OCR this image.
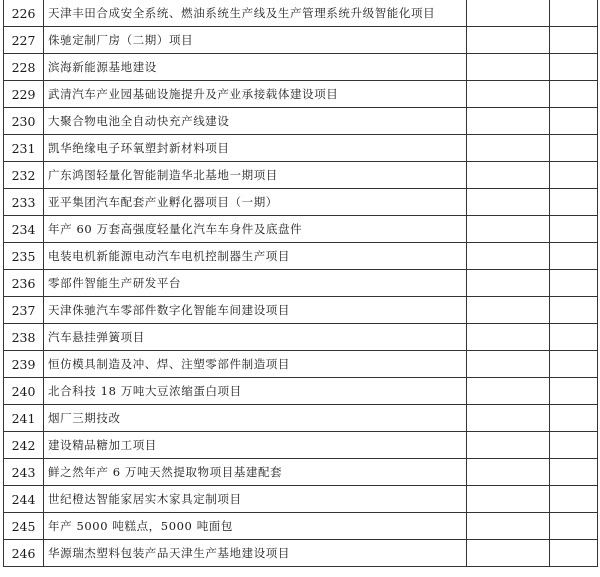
226	天津丰田合成安全系统、燃油系统生产线及生产管理系统升级智能化项目		
227	侏驰定制厂房（二期）项目		
228	滨海新能源基地建设		
229	武清汽车产业园基础设施提升及产业承接载体建设项目		
230	大聚合物电池全自动快充产线建设		
231	凯华绝缘电子环氧塑封新材料项目		
232	广东鸿图轻量化智能制造华北基地一期项目		
233	亚平集团汽车配套产业孵化器项目（一期）		
234	年产 60 万套高强度轻量化汽车车身件及底盘件		
235	电装电机新能源电动汽车电机控制器生产项目		
236	零部件智能生产研发平台		
237	天津侏驰汽车零部件数字化智能车间建设项目		
238	汽车悬挂弹簧项目		
239	恒仿模具制造及冲、焊、注塑零部件制造项目		
240	北合科技 18 万吨大豆浓缩蛋白项目		
241	烟厂三期技改		
242	建设精品糖加工项目		
243	鲜之然年产 6 万吨天然提取物项目基建配套		
244	世纪橙达智能家居实木家具定制项目		
245	年产 5000 吨糕点，5000 吨面包		
246	华源瑞杰塑料包装产品天津生产基地建设项目		
